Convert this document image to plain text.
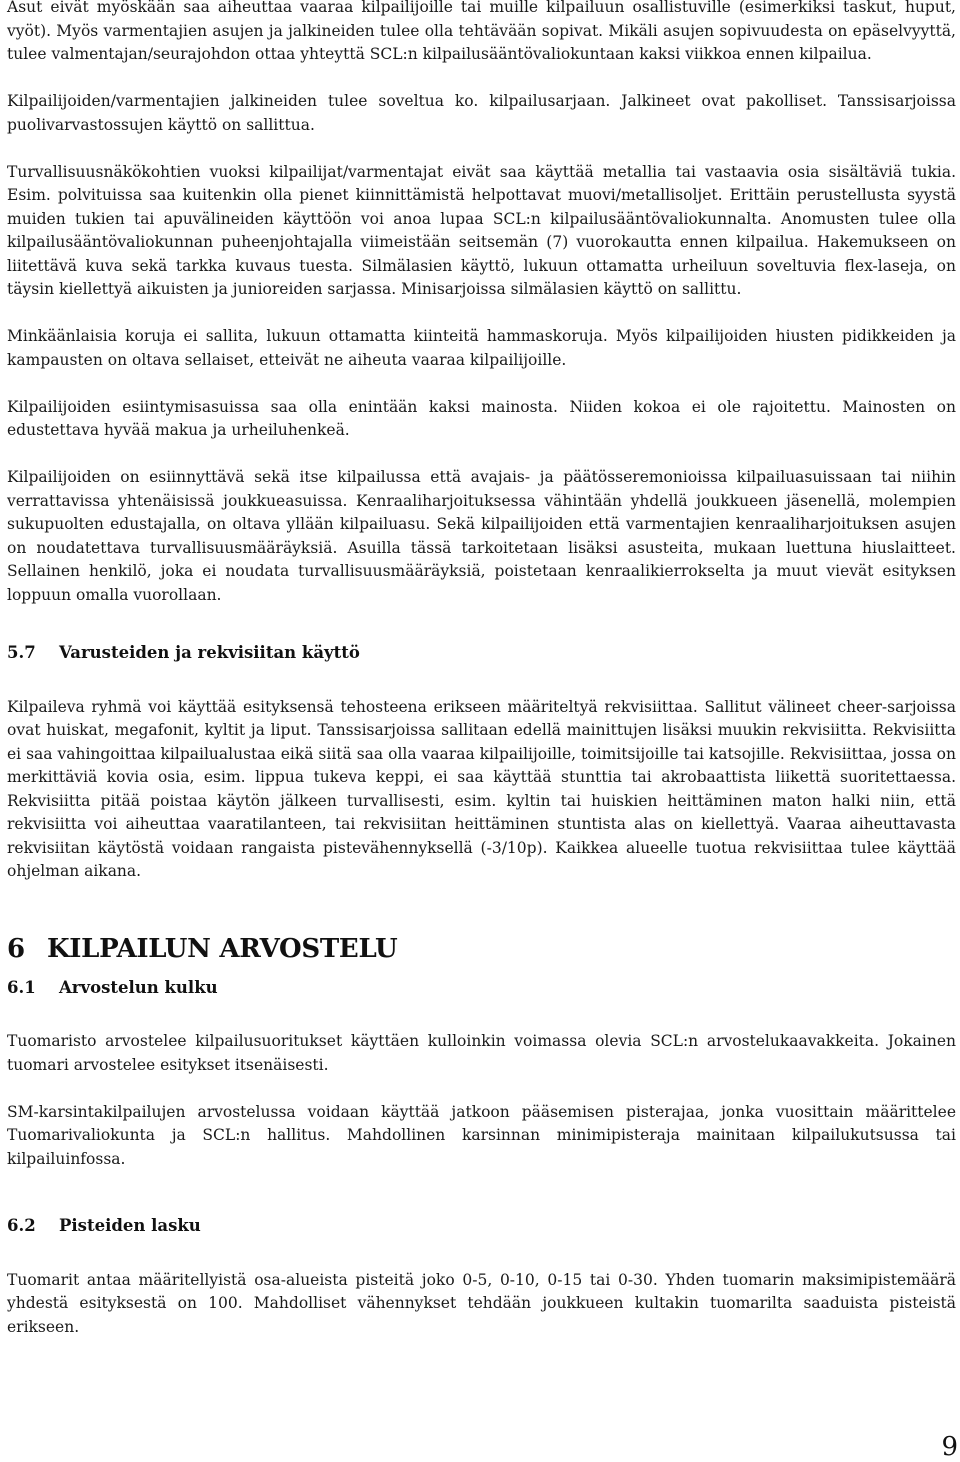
Asut eivät myöskään saa aiheuttaa vaaraa kilpailijoille tai muille kilpailuun osallistuville (esimerkiksi taskut, huput, vyöt). Myös varmentajien asujen ja jalkineiden tulee olla tehtävään sopivat. Mikäli asujen sopivuudesta on epäselvyyttä, tulee valmentajan/seurajohdon ottaa yhteyttä SCL:n kilpailusääntövaliokuntaan kaksi viikkoa ennen kilpailua.

Kilpailijoiden/varmentajien jalkineiden tulee soveltua ko. kilpailusarjaan. Jalkineet ovat pakolliset. Tanssisarjoissa puolivarvastossujen käyttö on sallittua.

Turvallisuusnäkökohtien vuoksi kilpailijat/varmentajat eivät saa käyttää metallia tai vastaavia osia sisältäviä tukia. Esim. polvituissa saa kuitenkin olla pienet kiinnittämistä helpottavat muovi/metallisoljet. Erittäin perustellusta syystä muiden tukien tai apuvälineiden käyttöön voi anoa lupaa SCL:n kilpailusääntövaliokunnalta. Anomusten tulee olla kilpailusääntövaliokunnan puheenjohtajalla viimeistään seitsemän (7) vuorokautta ennen kilpailua. Hakemukseen on liitettävä kuva sekä tarkka kuvaus tuesta. Silmälasien käyttö, lukuun ottamatta urheiluun soveltuvia flex-laseja, on täysin kiellettyä aikuisten ja junioreiden sarjassa. Minisarjoissa silmälasien käyttö on sallittu.

Minkäänlaisia koruja ei sallita, lukuun ottamatta kiinteitä hammaskoruja. Myös kilpailijoiden hiusten pidikkeiden ja kampausten on oltava sellaiset, etteivät ne aiheuta vaaraa kilpailijoille.

Kilpailijoiden esiintymisasuissa saa olla enintään kaksi mainosta. Niiden kokoa ei ole rajoitettu. Mainosten on edustettava hyvää makua ja urheiluhenkeä.

Kilpailijoiden on esiinnyttävä sekä itse kilpailussa että avajais- ja päätösseremonioissa kilpailuasuissaan tai niihin verrattavissa yhtenäisissä joukkueasuissa. Kenraaliharjoituksessa vähintään yhdellä joukkueen jäsenellä, molempien sukupuolten edustajalla, on oltava yllään kilpailuasu. Sekä kilpailijoiden että varmentajien kenraaliharjoituksen asujen on noudatettava turvallisuusmääräyksiä. Asuilla tässä tarkoitetaan lisäksi asusteita, mukaan luettuna hiuslaitteet. Sellainen henkilö, joka ei noudata turvallisuusmääräyksiä, poistetaan kenraalikierrokselta ja muut vievät esityksen loppuun omalla vuorollaan.

5.7 Varusteiden ja rekvisiitan käyttö

Kilpaileva ryhmä voi käyttää esityksensä tehosteena erikseen määriteltyä rekvisiittaa. Sallitut välineet cheer-sarjoissa ovat huiskat, megafonit, kyltit ja liput. Tanssisarjoissa sallitaan edellä mainittujen lisäksi muukin rekvisiitta. Rekvisiitta ei saa vahingoittaa kilpailualustaa eikä siitä saa olla vaaraa kilpailijoille, toimitsijoille tai katsojille. Rekvisiittaa, jossa on merkittäviä kovia osia, esim. lippua tukeva keppi, ei saa käyttää stunttia tai akrobaattista liikettä suoritettaessa. Rekvisiitta pitää poistaa käytön jälkeen turvallisesti, esim. kyltin tai huiskien heittäminen maton halki niin, että rekvisiitta voi aiheuttaa vaaratilanteen, tai rekvisiitan heittäminen stuntista alas on kiellettyä. Vaaraa aiheuttavasta rekvisiitan käytöstä voidaan rangaista pistevähennyksellä (-3/10p). Kaikkea alueelle tuotua rekvisiittaa tulee käyttää ohjelman aikana.

6 KILPAILUN ARVOSTELU
6.1 Arvostelun kulku

Tuomaristo arvostelee kilpailusuoritukset käyttäen kulloinkin voimassa olevia SCL:n arvostelukaavakkeita. Jokainen tuomari arvostelee esitykset itsenäisesti.

SM-karsintakilpailujen arvostelussa voidaan käyttää jatkoon pääsemisen pisterajaa, jonka vuosittain määrittelee Tuomarivaliokunta ja SCL:n hallitus. Mahdollinen karsinnan minimipisteraja mainitaan kilpailukutsussa tai kilpailuinfossa.

6.2 Pisteiden lasku

Tuomarit antaa määritellyistä osa-alueista pisteitä joko 0-5, 0-10, 0-15 tai 0-30. Yhden tuomarin maksimipistemäärä yhdestä esityksestä on 100. Mahdolliset vähennykset tehdään joukkueen kultakin tuomarilta saaduista pisteistä erikseen.

9
